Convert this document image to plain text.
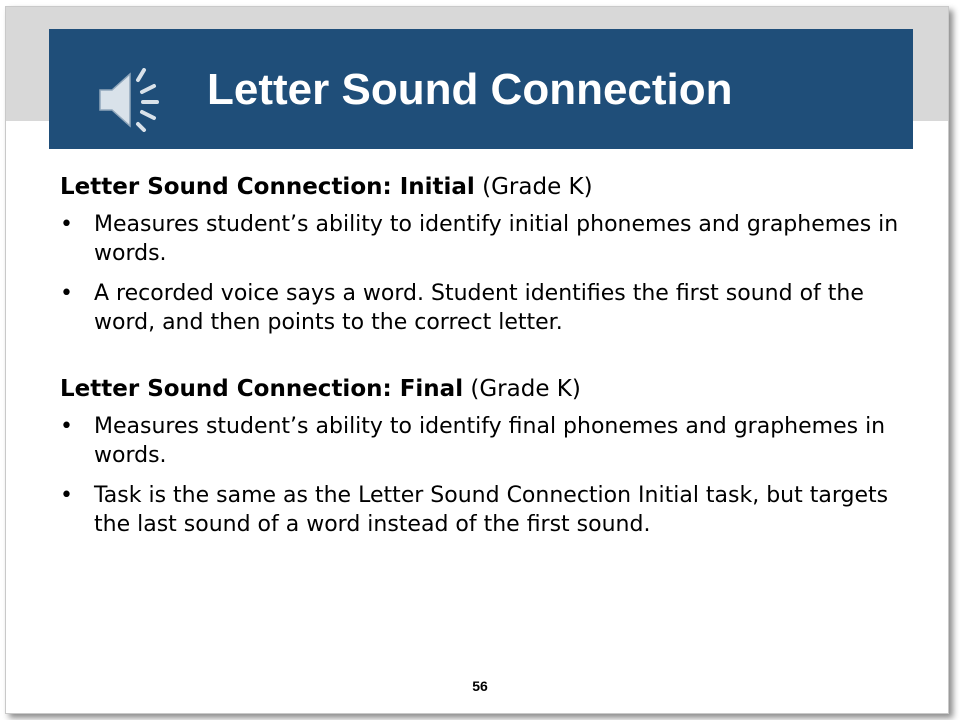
Letter Sound Connection

Letter Sound Connection: Initial (Grade K)

• Measures student’s ability to identify initial phonemes and graphemes in words.
• A recorded voice says a word. Student identifies the first sound of the word, and then points to the correct letter.

Letter Sound Connection: Final (Grade K)

• Measures student’s ability to identify final phonemes and graphemes in words.
• Task is the same as the Letter Sound Connection Initial task, but targets the last sound of a word instead of the first sound.
56
